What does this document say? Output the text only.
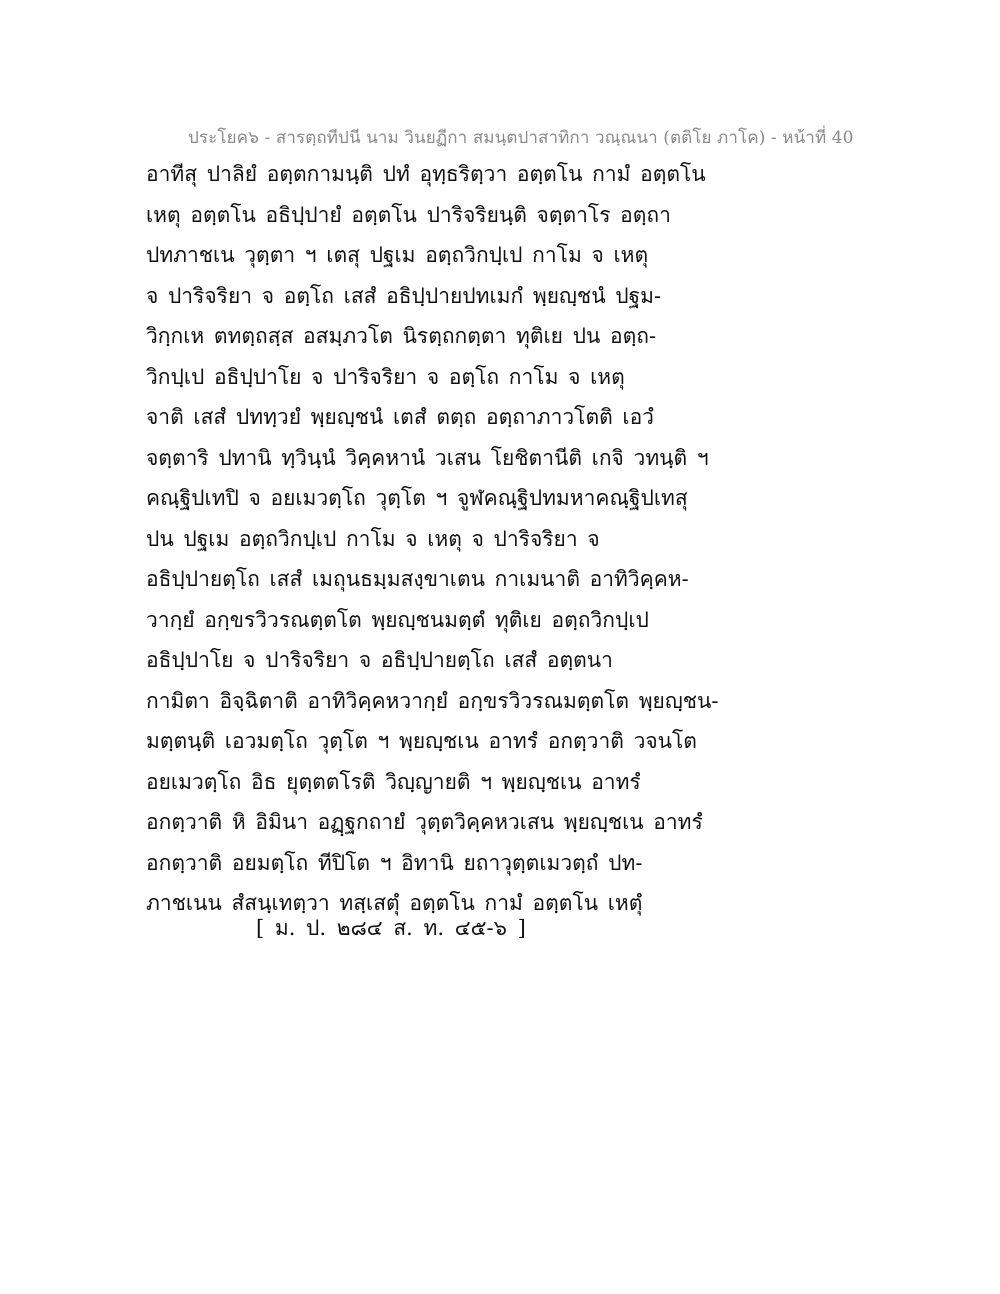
ประโยค๖ - สารตฺถทีปนี นาม วินยฏีกา สมนฺตปาสาทิกา วณฺณนา (ตติโย ภาโค) - หน้าที่ 40
อาทีสุ ปาลิยํ อตฺตกามนฺติ ปทํ อุทฺธริตฺวา อตฺตโน กามํ อตฺตโน
เหตุ อตฺตโน อธิปฺปายํ อตฺตโน ปาริจริยนฺติ จตฺตาโร อตฺถา
ปทภาชเน วุตฺตา ฯ เตสุ ปฐเม อตฺถวิกปฺเป กาโม จ เหตุ
จ ปาริจริยา จ อตฺโถ เสสํ อธิปฺปายปทเมกํ พฺยญฺชนํ ปฐม-
วิกฺกเห ตทตฺถสฺส อสมฺภวโต นิรตฺถกตฺตา ทุติเย ปน อตฺถ-
วิกปฺเป อธิปฺปาโย จ ปาริจริยา จ อตฺโถ กาโม จ เหตุ
จาติ เสสํ ปททฺวยํ พฺยญฺชนํ เตสํ ตตฺถ อตฺถาภาวโตติ เอวํ
จตฺตาริ ปทานิ ทฺวินฺนํ วิคฺคหานํ วเสน โยชิตานีติ เกจิ วทนฺติ ฯ
คณฺฐิปเทปิ จ อยเมวตฺโถ วุตฺโต ฯ จูฬคณฺฐิปทมหาคณฺฐิปเทสุ
ปน ปฐเม อตฺถวิกปฺเป กาโม จ เหตุ จ ปาริจริยา จ
อธิปฺปายตฺโถ เสสํ เมถุนธมฺมสงฺขาเตน กาเมนาติ อาทิวิคฺคห-
วากฺยํ อกฺขรวิวรณตฺตโต พฺยญฺชนมตฺตํ ทุติเย อตฺถวิกปฺเป
อธิปฺปาโย จ ปาริจริยา จ อธิปฺปายตฺโถ เสสํ อตฺตนา
กามิตา อิจฺฉิตาติ อาทิวิคฺคหวากฺยํ อกฺขรวิวรณมตฺตโต พฺยญฺชน-
มตฺตนฺติ เอวมตฺโถ วุตฺโต ฯ พฺยญฺชเน อาทรํ อกตฺวาติ วจนโต
อยเมวตฺโถ อิธ ยุตฺตตโรติ วิญฺญายติ ฯ พฺยญฺชเน อาทรํ
อกตฺวาติ หิ อิมินา อฏฺฐกถายํ วุตฺตวิคฺคหวเสน พฺยญฺชเน อาทรํ
อกตฺวาติ อยมตฺโถ ทีปิโต ฯ อิทานิ ยถาวุตฺตเมวตฺถํ ปท-
ภาชเนน สํสนฺเทตฺวา ทสฺเสตุํ อตฺตโน กามํ อตฺตโน เหตุํ
[ ม. ป. ๒๘๔ ส. ท. ๔๕-๖ ]
